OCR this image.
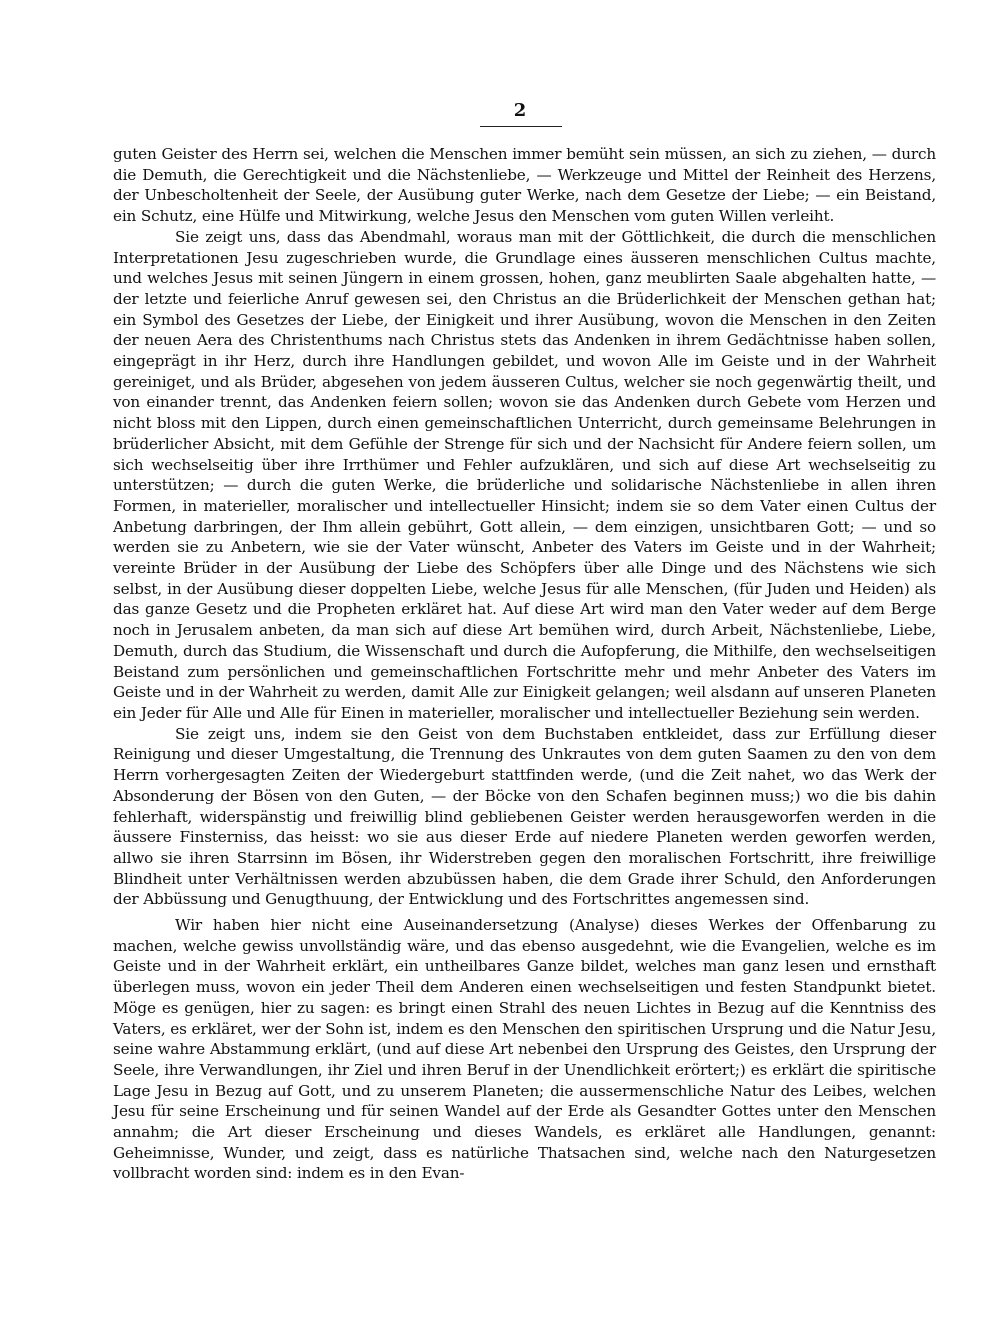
2

guten Geister des Herrn sei, welchen die Menschen immer bemüht sein müssen, an sich zu ziehen, — durch die Demuth, die Gerechtigkeit und die Nächstenliebe, — Werkzeuge und Mittel der Reinheit des Herzens, der Unbescholtenheit der Seele, der Ausübung guter Werke, nach dem Gesetze der Liebe; — ein Beistand, ein Schutz, eine Hülfe und Mitwirkung, welche Jesus den Menschen vom guten Willen verleiht.

Sie zeigt uns, dass das Abendmahl, woraus man mit der Göttlichkeit, die durch die menschlichen Interpretationen Jesu zugeschrieben wurde, die Grundlage eines äusseren menschlichen Cultus machte, und welches Jesus mit seinen Jüngern in einem grossen, hohen, ganz meublirten Saale abgehalten hatte, — der letzte und feierliche Anruf gewesen sei, den Christus an die Brüderlichkeit der Menschen gethan hat; ein Symbol des Gesetzes der Liebe, der Einigkeit und ihrer Ausübung, wovon die Menschen in den Zeiten der neuen Aera des Christenthums nach Christus stets das Andenken in ihrem Gedächtnisse haben sollen, eingeprägt in ihr Herz, durch ihre Handlungen gebildet, und wovon Alle im Geiste und in der Wahrheit gereiniget, und als Brüder, abgesehen von jedem äusseren Cultus, welcher sie noch gegenwärtig theilt, und von einander trennt, das Andenken feiern sollen; wovon sie das Andenken durch Gebete vom Herzen und nicht bloss mit den Lippen, durch einen gemeinschaftlichen Unterricht, durch gemeinsame Belehrungen in brüderlicher Absicht, mit dem Gefühle der Strenge für sich und der Nachsicht für Andere feiern sollen, um sich wechselseitig über ihre Irrthümer und Fehler aufzuklären, und sich auf diese Art wechselseitig zu unterstützen; — durch die guten Werke, die brüderliche und solidarische Nächstenliebe in allen ihren Formen, in materieller, moralischer und intellectueller Hinsicht; indem sie so dem Vater einen Cultus der Anbetung darbringen, der Ihm allein gebührt, Gott allein, — dem einzigen, unsichtbaren Gott; — und so werden sie zu Anbetern, wie sie der Vater wünscht, Anbeter des Vaters im Geiste und in der Wahrheit; vereinte Brüder in der Ausübung der Liebe des Schöpfers über alle Dinge und des Nächstens wie sich selbst, in der Ausübung dieser doppelten Liebe, welche Jesus für alle Menschen, (für Juden und Heiden) als das ganze Gesetz und die Propheten erkläret hat. Auf diese Art wird man den Vater weder auf dem Berge noch in Jerusalem anbeten, da man sich auf diese Art bemühen wird, durch Arbeit, Nächstenliebe, Liebe, Demuth, durch das Studium, die Wissenschaft und durch die Aufopferung, die Mithilfe, den wechselseitigen Beistand zum persönlichen und gemeinschaftlichen Fortschritte mehr und mehr Anbeter des Vaters im Geiste und in der Wahrheit zu werden, damit Alle zur Einigkeit gelangen; weil alsdann auf unseren Planeten ein Jeder für Alle und Alle für Einen in materieller, moralischer und intellectueller Beziehung sein werden.

Sie zeigt uns, indem sie den Geist von dem Buchstaben entkleidet, dass zur Erfüllung dieser Reinigung und dieser Umgestaltung, die Trennung des Unkrautes von dem guten Saamen zu den von dem Herrn vorhergesagten Zeiten der Wiedergeburt stattfinden werde, (und die Zeit nahet, wo das Werk der Absonderung der Bösen von den Guten, — der Böcke von den Schafen beginnen muss;) wo die bis dahin fehlerhaft, widerspänstig und freiwillig blind gebliebenen Geister werden herausgeworfen werden in die äussere Finsterniss, das heisst: wo sie aus dieser Erde auf niedere Planeten werden geworfen werden, allwo sie ihren Starrsinn im Bösen, ihr Widerstreben gegen den moralischen Fortschritt, ihre freiwillige Blindheit unter Verhältnissen werden abzubüssen haben, die dem Grade ihrer Schuld, den Anforderungen der Abbüssung und Genugthuung, der Entwicklung und des Fortschrittes angemessen sind.

Wir haben hier nicht eine Auseinandersetzung (Analyse) dieses Werkes der Offenbarung zu machen, welche gewiss unvollständig wäre, und das ebenso ausgedehnt, wie die Evangelien, welche es im Geiste und in der Wahrheit erklärt, ein untheilbares Ganze bildet, welches man ganz lesen und ernsthaft überlegen muss, wovon ein jeder Theil dem Anderen einen wechselseitigen und festen Standpunkt bietet. Möge es genügen, hier zu sagen: es bringt einen Strahl des neuen Lichtes in Bezug auf die Kenntniss des Vaters, es erkläret, wer der Sohn ist, indem es den Menschen den spiritischen Ursprung und die Natur Jesu, seine wahre Abstammung erklärt, (und auf diese Art nebenbei den Ursprung des Geistes, den Ursprung der Seele, ihre Verwandlungen, ihr Ziel und ihren Beruf in der Unendlichkeit erörtert;) es erklärt die spiritische Lage Jesu in Bezug auf Gott, und zu unserem Planeten; die aussermenschliche Natur des Leibes, welchen Jesu für seine Erscheinung und für seinen Wandel auf der Erde als Gesandter Gottes unter den Menschen annahm; die Art dieser Erscheinung und dieses Wandels, es erkläret alle Handlungen, genannt: Geheimnisse, Wunder, und zeigt, dass es natürliche Thatsachen sind, welche nach den Naturgesetzen vollbracht worden sind: indem es in den Evan-
